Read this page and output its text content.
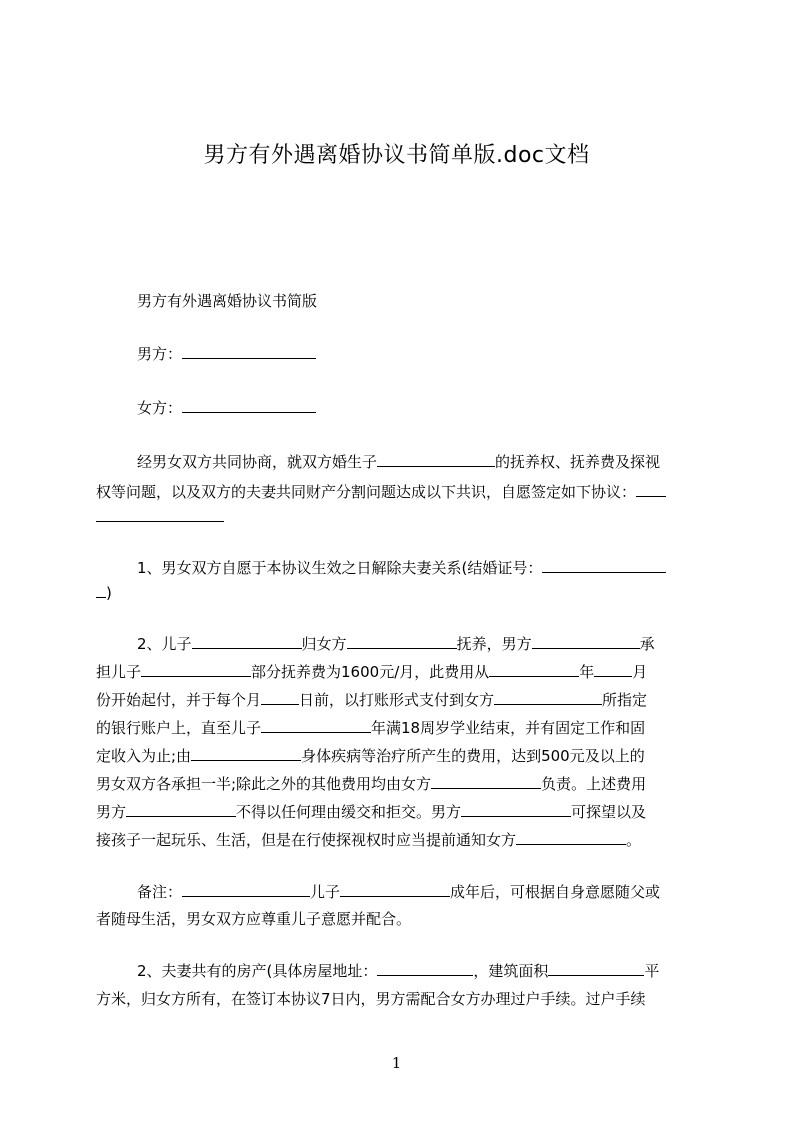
男方有外遇离婚协议书简单版.doc文档
男方有外遇离婚协议书简版
男方：
女方：
经男女双方共同协商，就双方婚生子	的抚养权、抚养费及探视
权等问题，以及双方的夫妻共同财产分割问题达成以下共识，自愿签定如下协议：
1、男女双方自愿于本协议生效之日解除夫妻关系(结婚证号：
)
2、儿子	归女方	抚养，男方	承
担儿子	部分抚养费为1600元/月，此费用从	年	月
份开始起付，并于每个月	日前，以打账形式支付到女方	所指定
的银行账户上，直至儿子	年满18周岁学业结束，并有固定工作和固
定收入为止;由	身体疾病等治疗所产生的费用，达到500元及以上的
男女双方各承担一半;除此之外的其他费用均由女方	负责。上述费用
男方	不得以任何理由缓交和拒交。男方	可探望以及
接孩子一起玩乐、生活，但是在行使探视权时应当提前通知女方	。
备注：	儿子	成年后，可根据自身意愿随父或
者随母生活，男女双方应尊重儿子意愿并配合。
2、夫妻共有的房产(具体房屋地址：	，建筑面积	平
方米，归女方所有，在签订本协议7日内，男方需配合女方办理过户手续。过户手续
1
